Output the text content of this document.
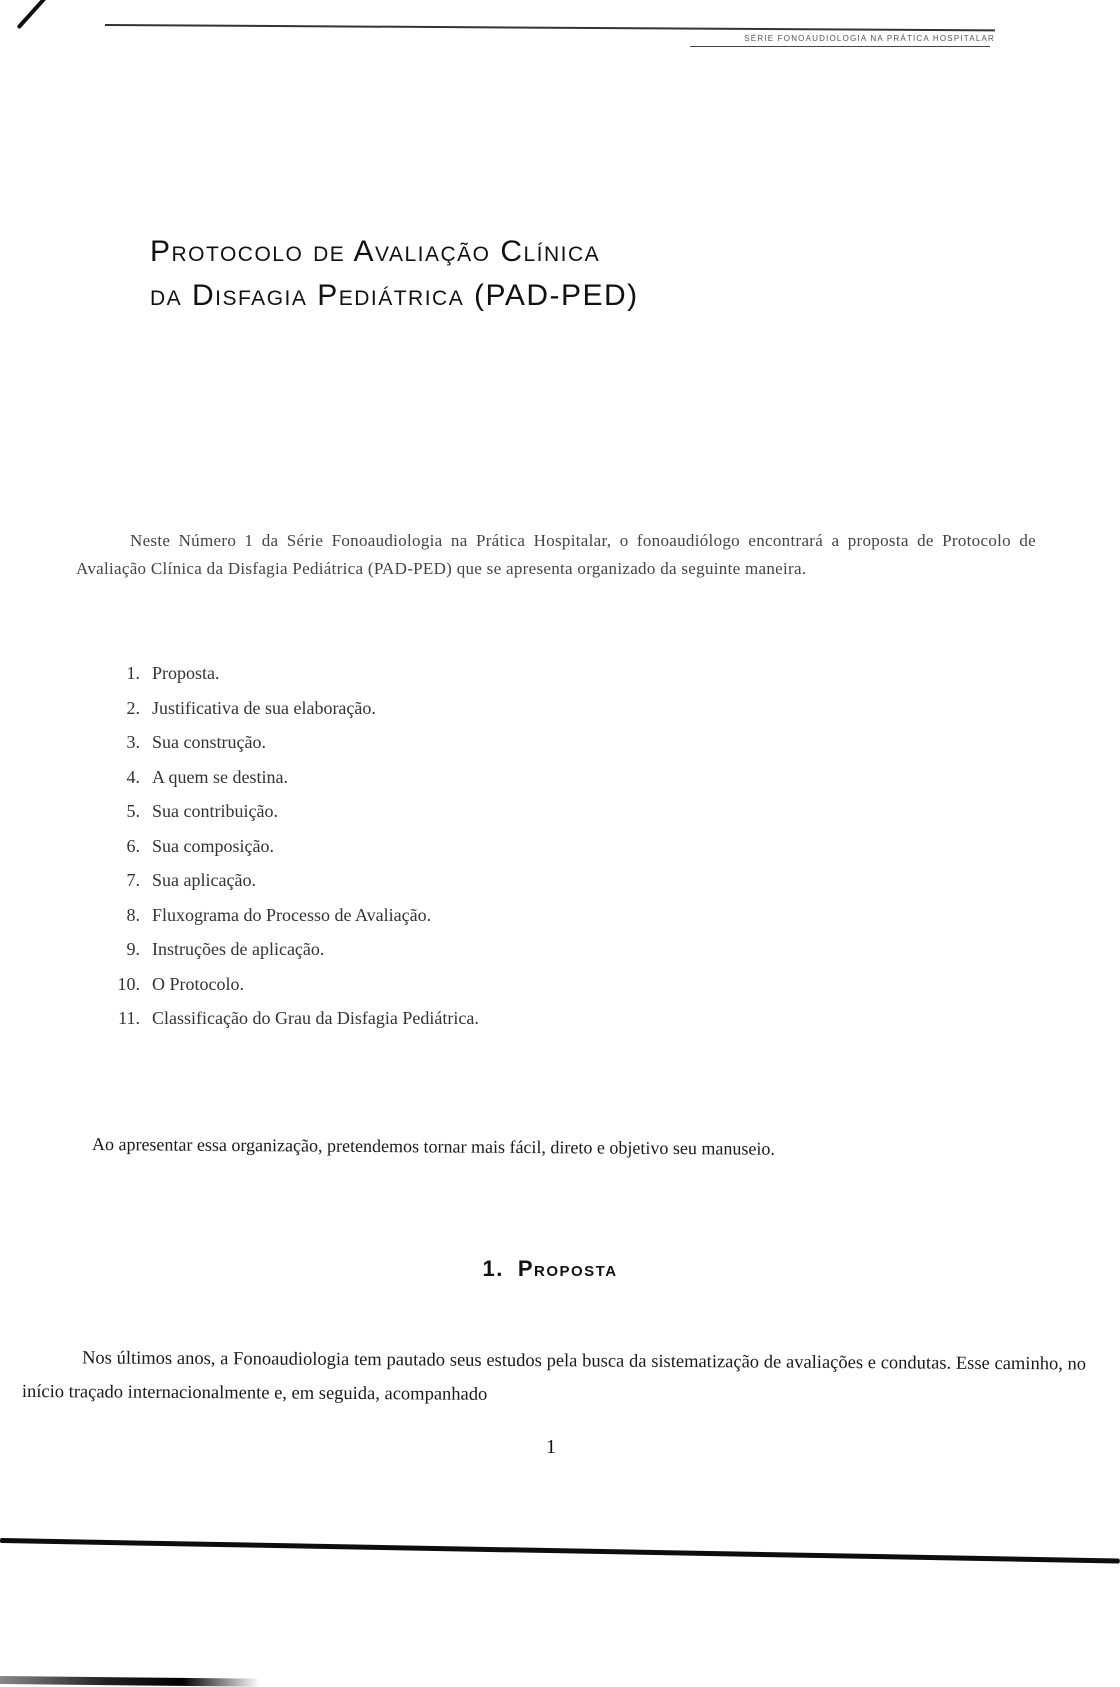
SÉRIE FONOAUDIOLOGIA NA PRÁTICA HOSPITALAR
Protocolo de Avaliação Clínica
da Disfagia Pediátrica (PAD-PED)

Neste Número 1 da Série Fonoaudiologia na Prática Hospitalar, o fonoaudiólogo encontrará a proposta de Protocolo de Avaliação Clínica da Disfagia Pediátrica (PAD-PED) que se apresenta organizado da seguinte maneira.

1. Proposta.
2. Justificativa de sua elaboração.
3. Sua construção.
4. A quem se destina.
5. Sua contribuição.
6. Sua composição.
7. Sua aplicação.
8. Fluxograma do Processo de Avaliação.
9. Instruções de aplicação.
10. O Protocolo.
11. Classificação do Grau da Disfagia Pediátrica.

Ao apresentar essa organização, pretendemos tornar mais fácil, direto e objetivo seu manuseio.

1. Proposta

Nos últimos anos, a Fonoaudiologia tem pautado seus estudos pela busca da sistematização de avaliações e condutas. Esse caminho, no início traçado internacionalmente e, em seguida, acompanhado

1
